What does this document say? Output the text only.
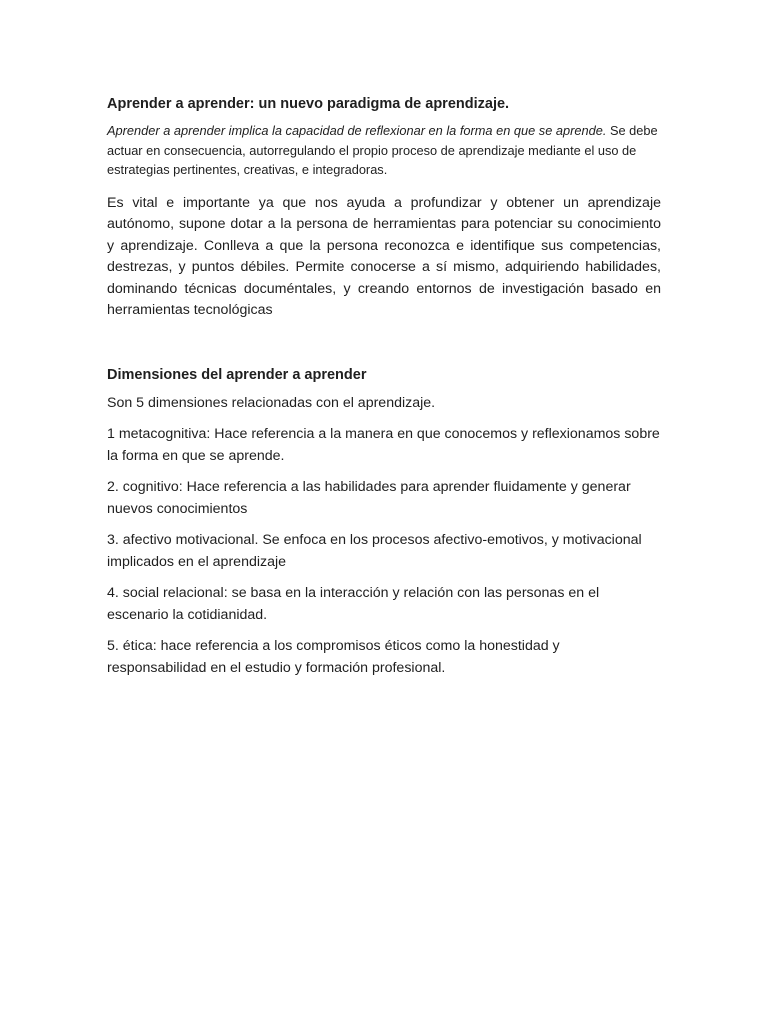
Aprender a aprender: un nuevo paradigma de aprendizaje.

Aprender a aprender implica la capacidad de reflexionar en la forma en que se aprende. Se debe actuar en consecuencia, autorregulando el propio proceso de aprendizaje mediante el uso de estrategias pertinentes, creativas, e integradoras.

Es vital e importante ya que nos ayuda a profundizar y obtener un aprendizaje autónomo, supone dotar a la persona de herramientas para potenciar su conocimiento y aprendizaje. Conlleva a que la persona reconozca e identifique sus competencias, destrezas, y puntos débiles. Permite conocerse a sí mismo, adquiriendo habilidades, dominando técnicas documéntales, y creando entornos de investigación basado en herramientas tecnológicas

Dimensiones del aprender a aprender

Son 5 dimensiones relacionadas con el aprendizaje.

1 metacognitiva: Hace referencia a la manera en que conocemos y reflexionamos sobre la forma en que se aprende.

2. cognitivo: Hace referencia a las habilidades para aprender fluidamente y generar nuevos conocimientos

3. afectivo motivacional. Se enfoca en los procesos afectivo-emotivos, y motivacional implicados en el aprendizaje

4. social relacional: se basa en la interacción y relación con las personas en el escenario la cotidianidad.

5. ética: hace referencia a los compromisos éticos como la honestidad y responsabilidad en el estudio y formación profesional.
